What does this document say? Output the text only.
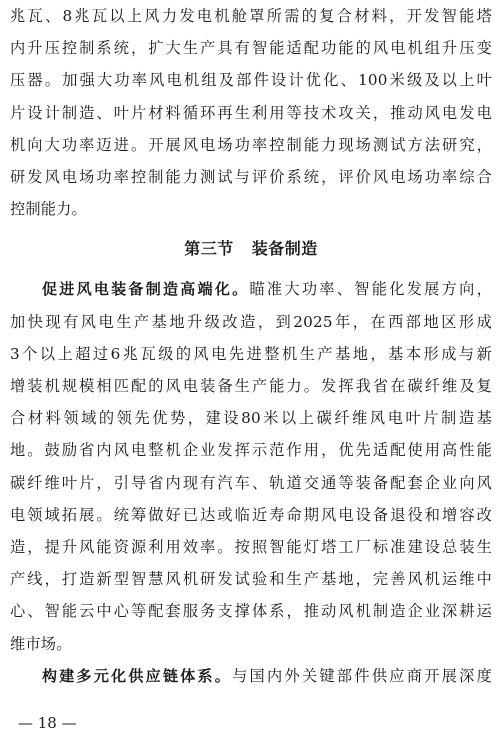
兆瓦、8兆瓦以上风力发电机舱罩所需的复合材料，开发智能塔
内升压控制系统，扩大生产具有智能适配功能的风电机组升压变
压器。加强大功率风电机组及部件设计优化、100米级及以上叶
片设计制造、叶片材料循环再生利用等技术攻关，推动风电发电
机向大功率迈进。开展风电场功率控制能力现场测试方法研究，
研发风电场功率控制能力测试与评价系统，评价风电场功率综合
控制能力。
第三节 装备制造
促进风电装备制造高端化。瞄准大功率、智能化发展方向，
加快现有风电生产基地升级改造，到2025年，在西部地区形成
3个以上超过6兆瓦级的风电先进整机生产基地，基本形成与新
增装机规模相匹配的风电装备生产能力。发挥我省在碳纤维及复
合材料领域的领先优势，建设80米以上碳纤维风电叶片制造基
地。鼓励省内风电整机企业发挥示范作用，优先适配使用高性能
碳纤维叶片，引导省内现有汽车、轨道交通等装备配套企业向风
电领域拓展。统筹做好已达或临近寿命期风电设备退役和增容改
造，提升风能资源利用效率。按照智能灯塔工厂标准建设总装生
产线，打造新型智慧风机研发试验和生产基地，完善风机运维中
心、智能云中心等配套服务支撑体系，推动风机制造企业深耕运
维市场。
构建多元化供应链体系。与国内外关键部件供应商开展深度
— 18 —
